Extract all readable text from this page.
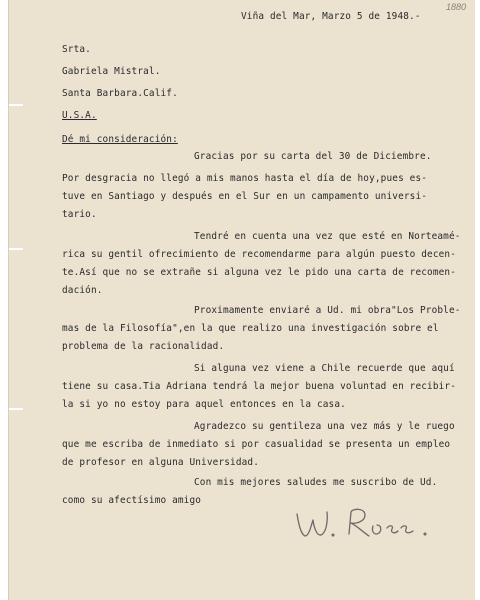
1880
Viña del Mar, Marzo 5 de 1948.-
Srta.
Gabriela Mistral.
Santa Barbara.Calif.
U.S.A.
Dé mi consideración:
Gracias por su carta del 30 de Diciembre.
Por desgracia no llegó a mis manos hasta el día de hoy,pues es-
tuve en Santiago y después en el Sur en un campamento universi-
tario.
Tendré en cuenta una vez que esté en Norteamé-
rica su gentil ofrecimiento de recomendarme para algún puesto decen-
te.Así que no se extrañe si alguna vez le pido una carta de recomen-
dación.
Proximamente enviaré a Ud. mi obra"Los Proble-
mas de la Filosofía",en la que realizo una investigación sobre el
problema de la racionalidad.
Si alguna vez viene a Chile recuerde que aquí
tiene su casa.Tia Adriana tendrá la mejor buena voluntad en recibir-
la si yo no estoy para aquel entonces en la casa.
Agradezco su gentileza una vez más y le ruego
que me escriba de inmediato si por casualidad se presenta un empleo
de profesor en alguna Universidad.
Con mis mejores saludes me suscribo de Ud.
como su afectísimo amigo
